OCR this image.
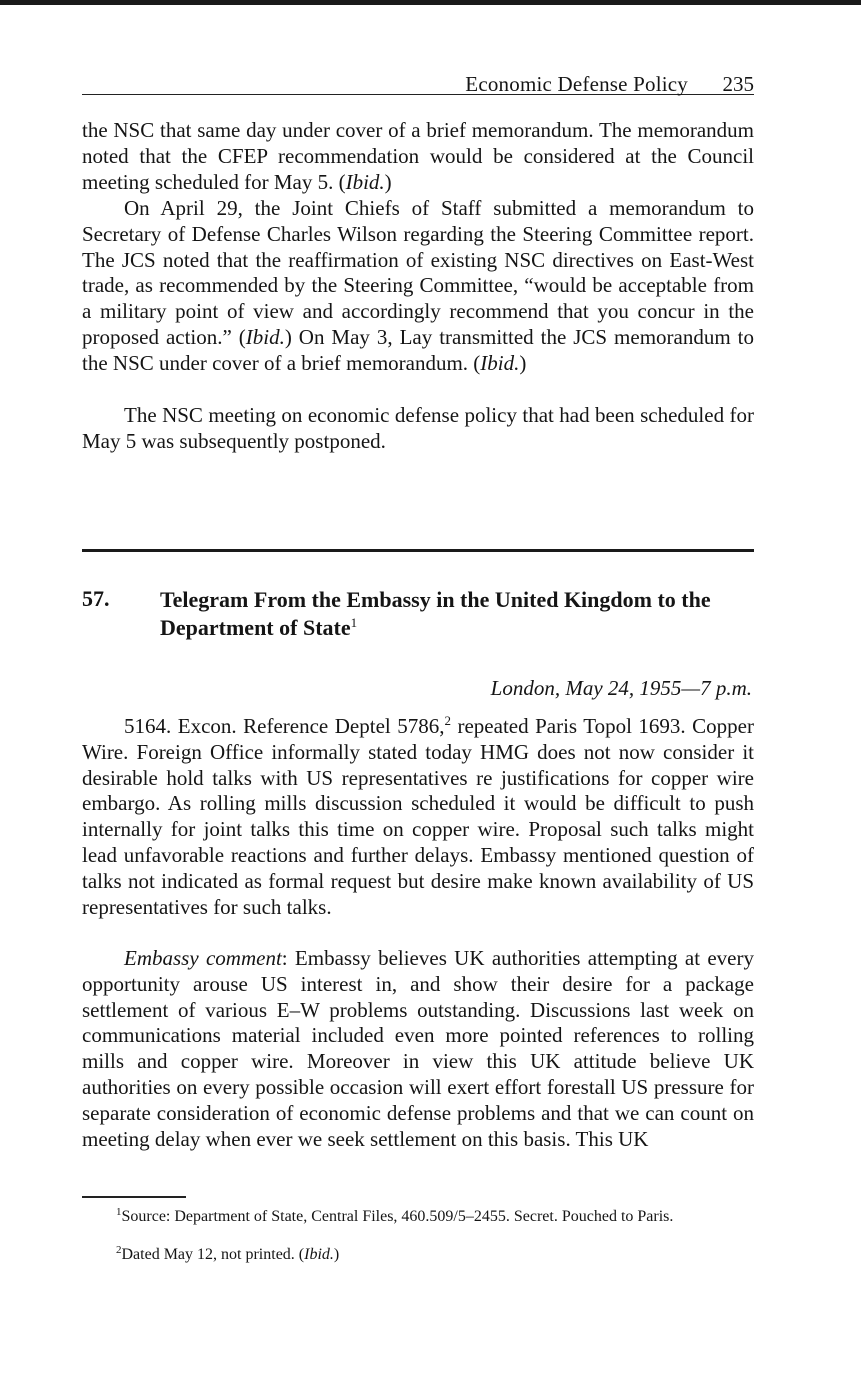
Economic Defense Policy 235

the NSC that same day under cover of a brief memorandum. The memorandum noted that the CFEP recommendation would be considered at the Council meeting scheduled for May 5. (Ibid.)

On April 29, the Joint Chiefs of Staff submitted a memorandum to Secretary of Defense Charles Wilson regarding the Steering Committee report. The JCS noted that the reaffirmation of existing NSC directives on East-West trade, as recommended by the Steering Committee, “would be acceptable from a military point of view and accordingly recommend that you concur in the proposed action.” (Ibid.) On May 3, Lay transmitted the JCS memorandum to the NSC under cover of a brief memorandum. (Ibid.)

The NSC meeting on economic defense policy that had been scheduled for May 5 was subsequently postponed.

57. Telegram From the Embassy in the United Kingdom to the Department of State$^1$

London, May 24, 1955—7 p.m.

5164. Excon. Reference Deptel 5786,$^2$ repeated Paris Topol 1693. Copper Wire. Foreign Office informally stated today HMG does not now consider it desirable hold talks with US representatives re justifications for copper wire embargo. As rolling mills discussion scheduled it would be difficult to push internally for joint talks this time on copper wire. Proposal such talks might lead unfavorable reactions and further delays. Embassy mentioned question of talks not indicated as formal request but desire make known availability of US representatives for such talks.

Embassy comment: Embassy believes UK authorities attempting at every opportunity arouse US interest in, and show their desire for a package settlement of various E–W problems outstanding. Discussions last week on communications material included even more pointed references to rolling mills and copper wire. Moreover in view this UK attitude believe UK authorities on every possible occasion will exert effort forestall US pressure for separate consideration of economic defense problems and that we can count on meeting delay when ever we seek settlement on this basis. This UK

$^1$Source: Department of State, Central Files, 460.509/5–2455. Secret. Pouched to Paris.

$^2$Dated May 12, not printed. (Ibid.)
